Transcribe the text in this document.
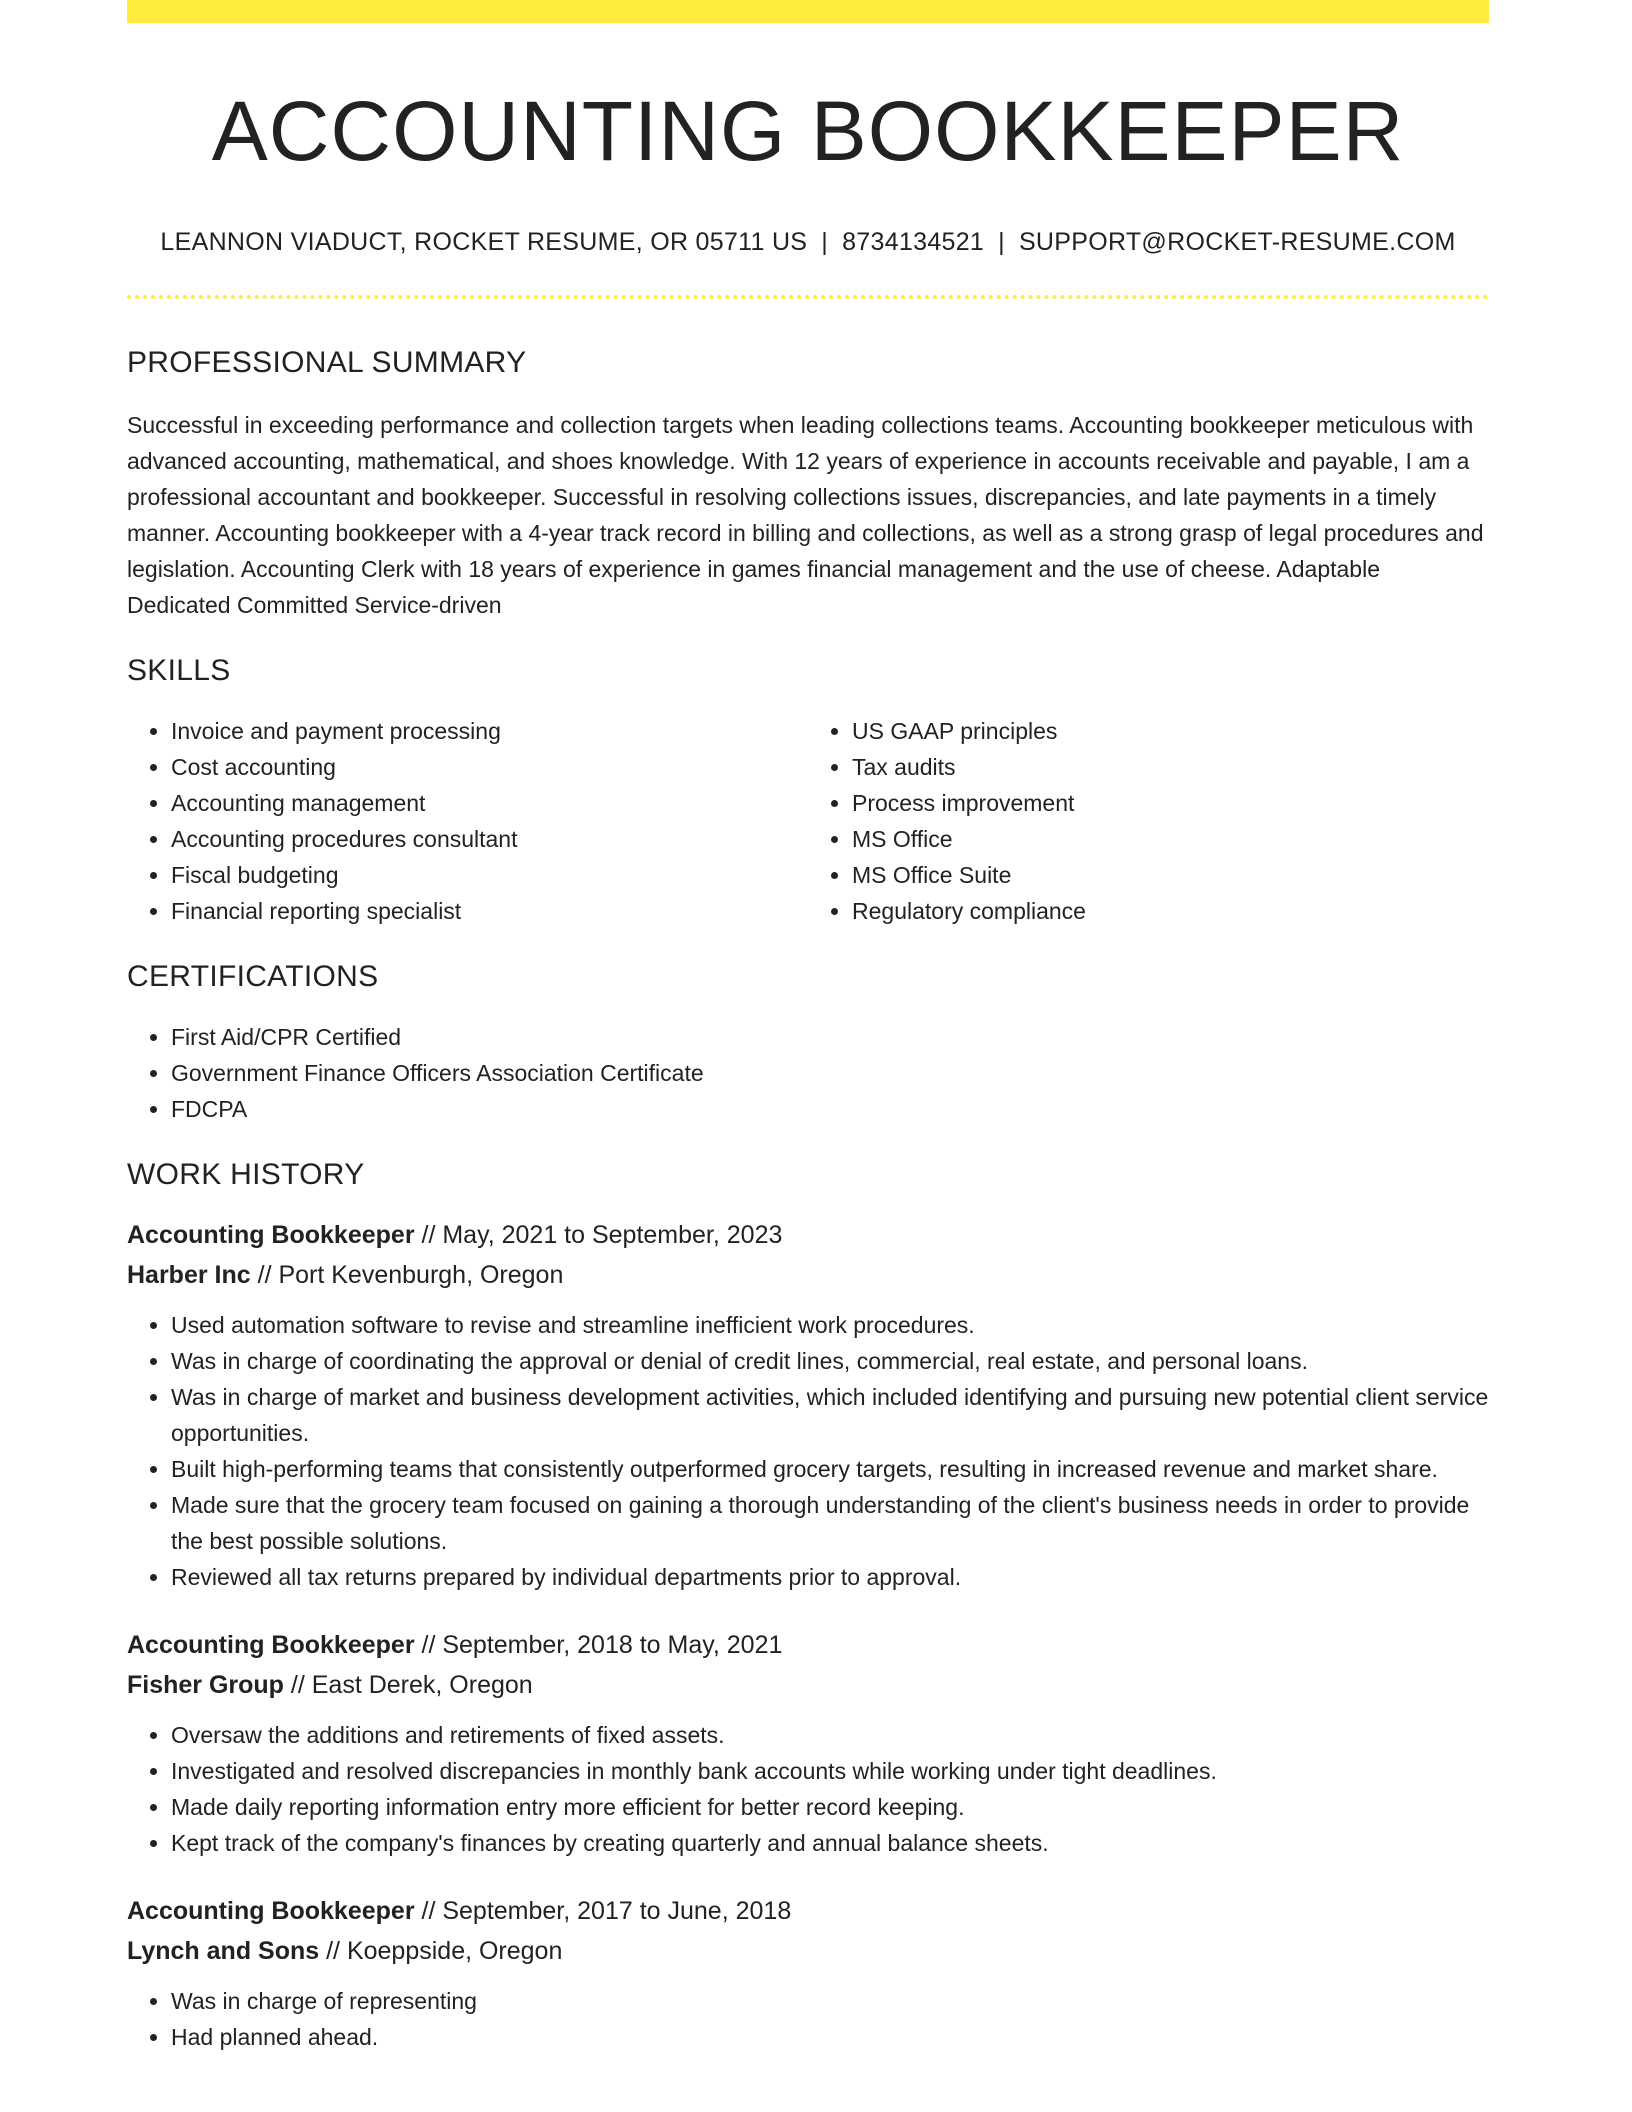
ACCOUNTING BOOKKEEPER
LEANNON VIADUCT, ROCKET RESUME, OR 05711 US | 8734134521 | SUPPORT@ROCKET-RESUME.COM
PROFESSIONAL SUMMARY

Successful in exceeding performance and collection targets when leading collections teams. Accounting bookkeeper meticulous with advanced accounting, mathematical, and shoes knowledge. With 12 years of experience in accounts receivable and payable, I am a professional accountant and bookkeeper. Successful in resolving collections issues, discrepancies, and late payments in a timely manner. Accounting bookkeeper with a 4-year track record in billing and collections, as well as a strong grasp of legal procedures and legislation. Accounting Clerk with 18 years of experience in games financial management and the use of cheese. Adaptable Dedicated Committed Service-driven

SKILLS
• Invoice and payment processing
• Cost accounting
• Accounting management
• Accounting procedures consultant
• Fiscal budgeting
• Financial reporting specialist
• US GAAP principles
• Tax audits
• Process improvement
• MS Office
• MS Office Suite
• Regulatory compliance
CERTIFICATIONS
• First Aid/CPR Certified
• Government Finance Officers Association Certificate
• FDCPA
WORK HISTORY
Accounting Bookkeeper // May, 2021 to September, 2023
Harber Inc // Port Kevenburgh, Oregon
• Used automation software to revise and streamline inefficient work procedures.
• Was in charge of coordinating the approval or denial of credit lines, commercial, real estate, and personal loans.
• Was in charge of market and business development activities, which included identifying and pursuing new potential client service opportunities.
• Built high-performing teams that consistently outperformed grocery targets, resulting in increased revenue and market share.
• Made sure that the grocery team focused on gaining a thorough understanding of the client's business needs in order to provide the best possible solutions.
• Reviewed all tax returns prepared by individual departments prior to approval.
Accounting Bookkeeper // September, 2018 to May, 2021
Fisher Group // East Derek, Oregon
• Oversaw the additions and retirements of fixed assets.
• Investigated and resolved discrepancies in monthly bank accounts while working under tight deadlines.
• Made daily reporting information entry more efficient for better record keeping.
• Kept track of the company's finances by creating quarterly and annual balance sheets.
Accounting Bookkeeper // September, 2017 to June, 2018
Lynch and Sons // Koeppside, Oregon
• Was in charge of representing
• Had planned ahead.
